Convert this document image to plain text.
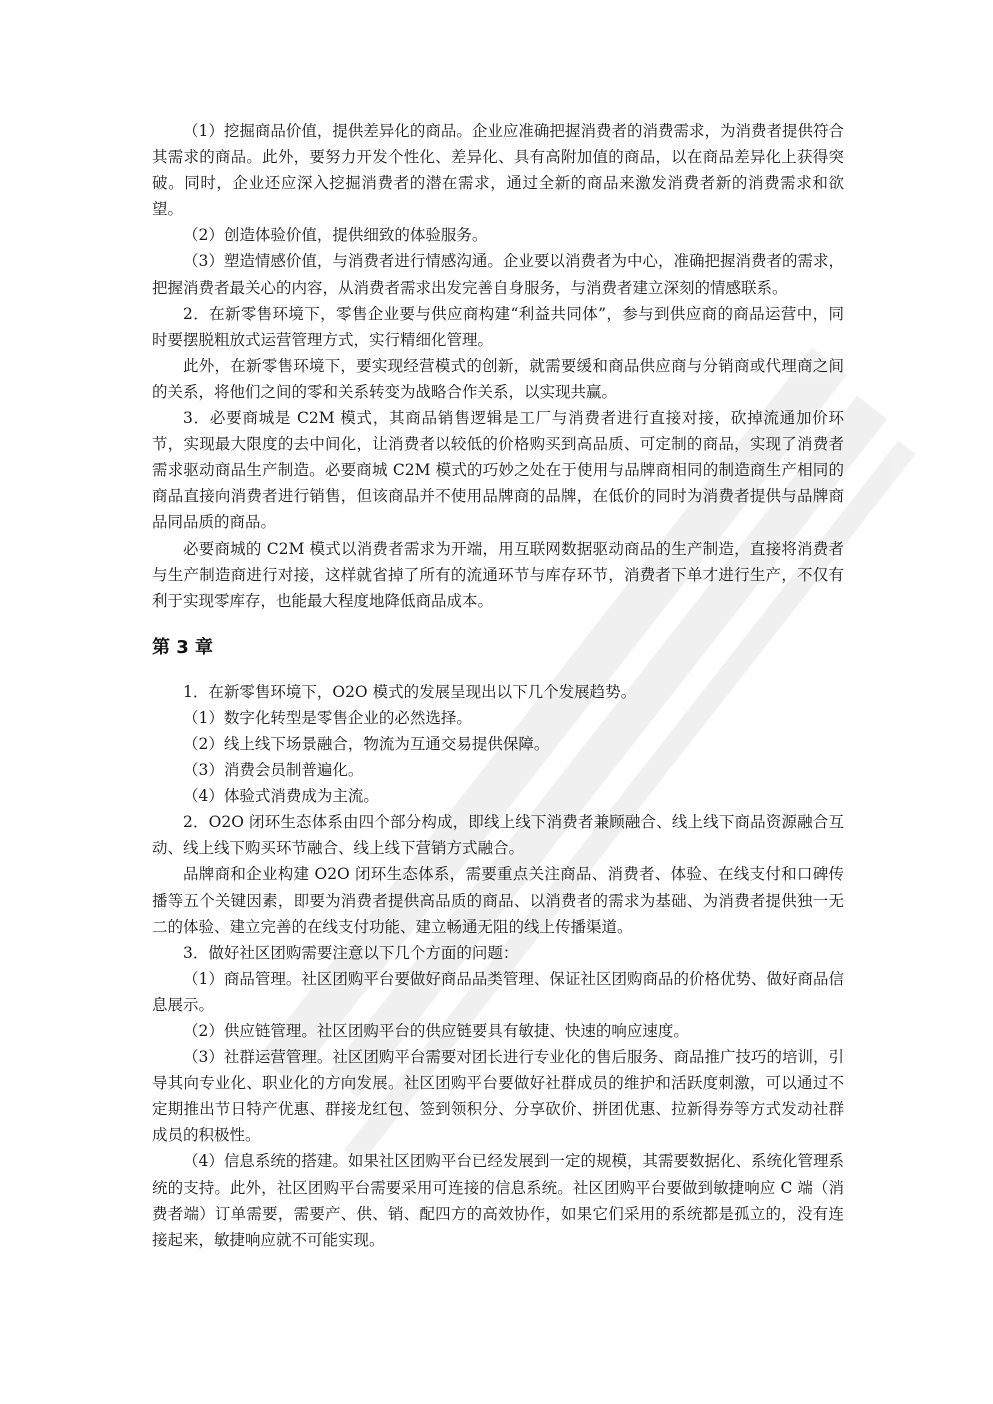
（1）挖掘商品价值，提供差异化的商品。企业应准确把握消费者的消费需求，为消费者提供符合其需求的商品。此外，要努力开发个性化、差异化、具有高附加值的商品，以在商品差异化上获得突破。同时，企业还应深入挖掘消费者的潜在需求，通过全新的商品来激发消费者新的消费需求和欲望。

（2）创造体验价值，提供细致的体验服务。

（3）塑造情感价值，与消费者进行情感沟通。企业要以消费者为中心，准确把握消费者的需求，把握消费者最关心的内容，从消费者需求出发完善自身服务，与消费者建立深刻的情感联系。

2．在新零售环境下，零售企业要与供应商构建“利益共同体”，参与到供应商的商品运营中，同时要摆脱粗放式运营管理方式，实行精细化管理。

此外，在新零售环境下，要实现经营模式的创新，就需要缓和商品供应商与分销商或代理商之间的关系，将他们之间的零和关系转变为战略合作关系，以实现共赢。

3．必要商城是 C2M 模式，其商品销售逻辑是工厂与消费者进行直接对接，砍掉流通加价环节，实现最大限度的去中间化，让消费者以较低的价格购买到高品质、可定制的商品，实现了消费者需求驱动商品生产制造。必要商城 C2M 模式的巧妙之处在于使用与品牌商相同的制造商生产相同的商品直接向消费者进行销售，但该商品并不使用品牌商的品牌，在低价的同时为消费者提供与品牌商品同品质的商品。

必要商城的 C2M 模式以消费者需求为开端，用互联网数据驱动商品的生产制造，直接将消费者与生产制造商进行对接，这样就省掉了所有的流通环节与库存环节，消费者下单才进行生产，不仅有利于实现零库存，也能最大程度地降低商品成本。

第 3 章

1．在新零售环境下，O2O 模式的发展呈现出以下几个发展趋势。

（1）数字化转型是零售企业的必然选择。

（2）线上线下场景融合，物流为互通交易提供保障。

（3）消费会员制普遍化。

（4）体验式消费成为主流。

2．O2O 闭环生态体系由四个部分构成，即线上线下消费者兼顾融合、线上线下商品资源融合互动、线上线下购买环节融合、线上线下营销方式融合。

品牌商和企业构建 O2O 闭环生态体系，需要重点关注商品、消费者、体验、在线支付和口碑传播等五个关键因素，即要为消费者提供高品质的商品、以消费者的需求为基础、为消费者提供独一无二的体验、建立完善的在线支付功能、建立畅通无阻的线上传播渠道。

3．做好社区团购需要注意以下几个方面的问题：

（1）商品管理。社区团购平台要做好商品品类管理、保证社区团购商品的价格优势、做好商品信息展示。

（2）供应链管理。社区团购平台的供应链要具有敏捷、快速的响应速度。

（3）社群运营管理。社区团购平台需要对团长进行专业化的售后服务、商品推广技巧的培训，引导其向专业化、职业化的方向发展。社区团购平台要做好社群成员的维护和活跃度刺激，可以通过不定期推出节日特产优惠、群接龙红包、签到领积分、分享砍价、拼团优惠、拉新得券等方式发动社群成员的积极性。

（4）信息系统的搭建。如果社区团购平台已经发展到一定的规模，其需要数据化、系统化管理系统的支持。此外，社区团购平台需要采用可连接的信息系统。社区团购平台要做到敏捷响应 C 端（消费者端）订单需要，需要产、供、销、配四方的高效协作，如果它们采用的系统都是孤立的，没有连接起来，敏捷响应就不可能实现。
